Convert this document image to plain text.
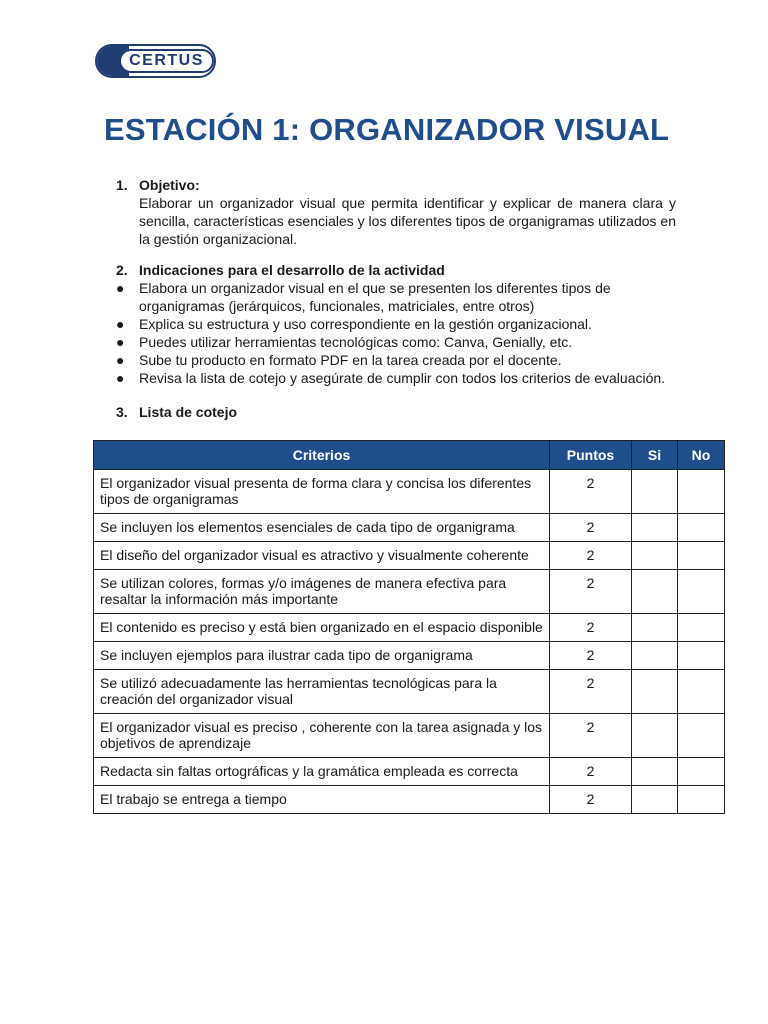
CERTUS
ESTACIÓN 1: ORGANIZADOR VISUAL
1. Objetivo:
Elaborar un organizador visual que permita identificar y explicar de manera clara y sencilla, características esenciales y los diferentes tipos de organigramas utilizados en la gestión organizacional.
2. Indicaciones para el desarrollo de la actividad
● Elabora un organizador visual en el que se presenten los diferentes tipos de organigramas (jerárquicos, funcionales, matriciales, entre otros)
● Explica su estructura y uso correspondiente en la gestión organizacional.
● Puedes utilizar herramientas tecnológicas como: Canva, Genially, etc.
● Sube tu producto en formato PDF en la tarea creada por el docente.
● Revisa la lista de cotejo y asegúrate de cumplir con todos los criterios de evaluación.
3. Lista de cotejo
Criterios	Puntos	Si	No
El organizador visual presenta de forma clara y concisa los diferentes tipos de organigramas	2		
Se incluyen los elementos esenciales de cada tipo de organigrama	2		
El diseño del organizador visual es atractivo y visualmente coherente	2		
Se utilizan colores, formas y/o imágenes de manera efectiva para resaltar la información más importante	2		
El contenido es preciso y está bien organizado en el espacio disponible	2		
Se incluyen ejemplos para ilustrar cada tipo de organigrama	2		
Se utilizó adecuadamente las herramientas tecnológicas para la creación del organizador visual	2		
El organizador visual es preciso , coherente con la tarea asignada y los objetivos de aprendizaje	2		
Redacta sin faltas ortográficas y la gramática empleada es correcta	2		
El trabajo se entrega a tiempo	2		
